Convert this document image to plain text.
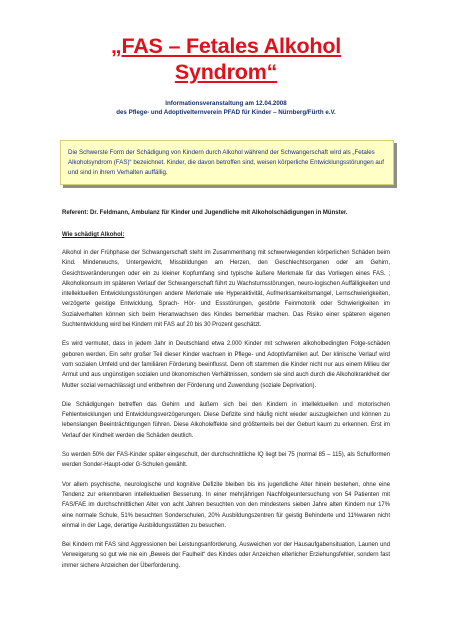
„FAS – Fetales Alkohol Syndrom“
Informationsveranstaltung am 12.04.2008
des Pflege- und Adoptivelternverein PFAD für Kinder – Nürnberg/Fürth e.V.
Die Schwerste Form der Schädigung von Kindern durch Alkohol während der Schwangerschaft wird als „Fetales Alkoholsyndrom (FAS)“ bezeichnet. Kinder, die davon betroffen sind, weisen körperliche Entwicklungsstörungen auf und sind in ihrem Verhalten auffällig.
Referent: Dr. Feldmann, Ambulanz für Kinder und Jugendliche mit Alkoholschädigungen in Münster.
Wie schädigt Alkohol:

Alkohol in der Frühphase der Schwangerschaft steht im Zusammenhang mit schwerwiegenden körperlichen Schäden beim Kind. Minderwuchs, Untergewicht, Missbildungen am Herzen, den Geschlechtsorganen oder am Gehirn, Gesichtsveränderungen oder ein zu kleiner Kopfumfang sind typische äußere Merkmale für das Vorliegen eines FAS. ; Alkoholkonsum im späteren Verlauf der Schwangerschaft führt zu Wachstumsstörungen, neuro-logischen Auffälligkeiten und intellektuellen Entwicklungsstörungen andere Merkmale wie Hyperaktivität, Aufmerksamkeitsmangel, Lernschwierigkeiten, verzögerte geistige Entwicklung, Sprach- Hör- und Essstörungen, gestörte Feinmotorik oder Schwierigkeiten im Sozialverhalten können sich beim Heranwachsen des Kindes bemerkbar machen. Das Risiko einer späteren eigenen Suchtentwicklung wird bei Kindern mit FAS auf 20 bis 30 Prozent geschätzt.

Es wird vermutet, dass in jedem Jahr in Deutschland etwa 2.000 Kinder mit schweren alkoholbedingten Folge-schäden geboren werden. Ein sehr großer Teil dieser Kinder wachsen in Pflege- und Adoptivfamilien auf. Der klinische Verlauf wird vom sozialen Umfeld und der familiären Förderung beeinflusst. Denn oft stammen die Kinder nicht nur aus einem Milieu der Armut und aus ungünstigen sozialen und ökonomischen Verhältnissen, sondern sie sind auch durch die Alkoholkrankheit der Mutter sozial vernachlässigt und entbehren der Förderung und Zuwendung (soziale Deprivation).

Die Schädigungen betreffen das Gehirn und äußern sich bei den Kindern in intellektuellen und motorischen Fehlentwicklungen und Entwicklungsverzögerungen. Diese Defizite sind häufig nicht wieder auszugleichen und können zu lebenslangen Beeinträchtigungen führen. Diese Alkoholeffekte sind größtenteils bei der Geburt kaum zu erkennen. Erst im Verlauf der Kindheit werden die Schäden deutlich.

So werden 50% der FAS-Kinder später eingeschult, der durchschnittliche IQ liegt bei 75 (normal 85 – 115), als Schulformen werden Sonder-Haupt-oder G-Schulen gewählt.

Vor allem psychische, neurologische und kognitive Defizite bleiben bis ins jugendliche Alter hinein bestehen, ohne eine Tendenz zur erkennbaren intellektuellen Besserung. In einer mehrjährigen Nachfolgeuntersuchung von 54 Patienten mit FAS/FAE im durchschnittlichen Alter von acht Jahren besuchten von den mindestens sieben Jahre alten Kindern nur 17% eine normale Schule, 51% besuchten Sonderschulen, 20% Ausbildungszentren für geistig Behinderte und 11%waren nicht einmal in der Lage, derartige Ausbildungsstätten zu besuchen.

Bei Kindern mit FAS sind Aggressionen bei Leistungsanforderung, Ausweichen vor der Hausaufgabensituation, Launen und Verweigerung so gut wie nie ein „Beweis der Faulheit“ des Kindes oder Anzeichen elterlicher Erziehungsfehler, sondern fast immer sichere Anzeichen der Überforderung.
